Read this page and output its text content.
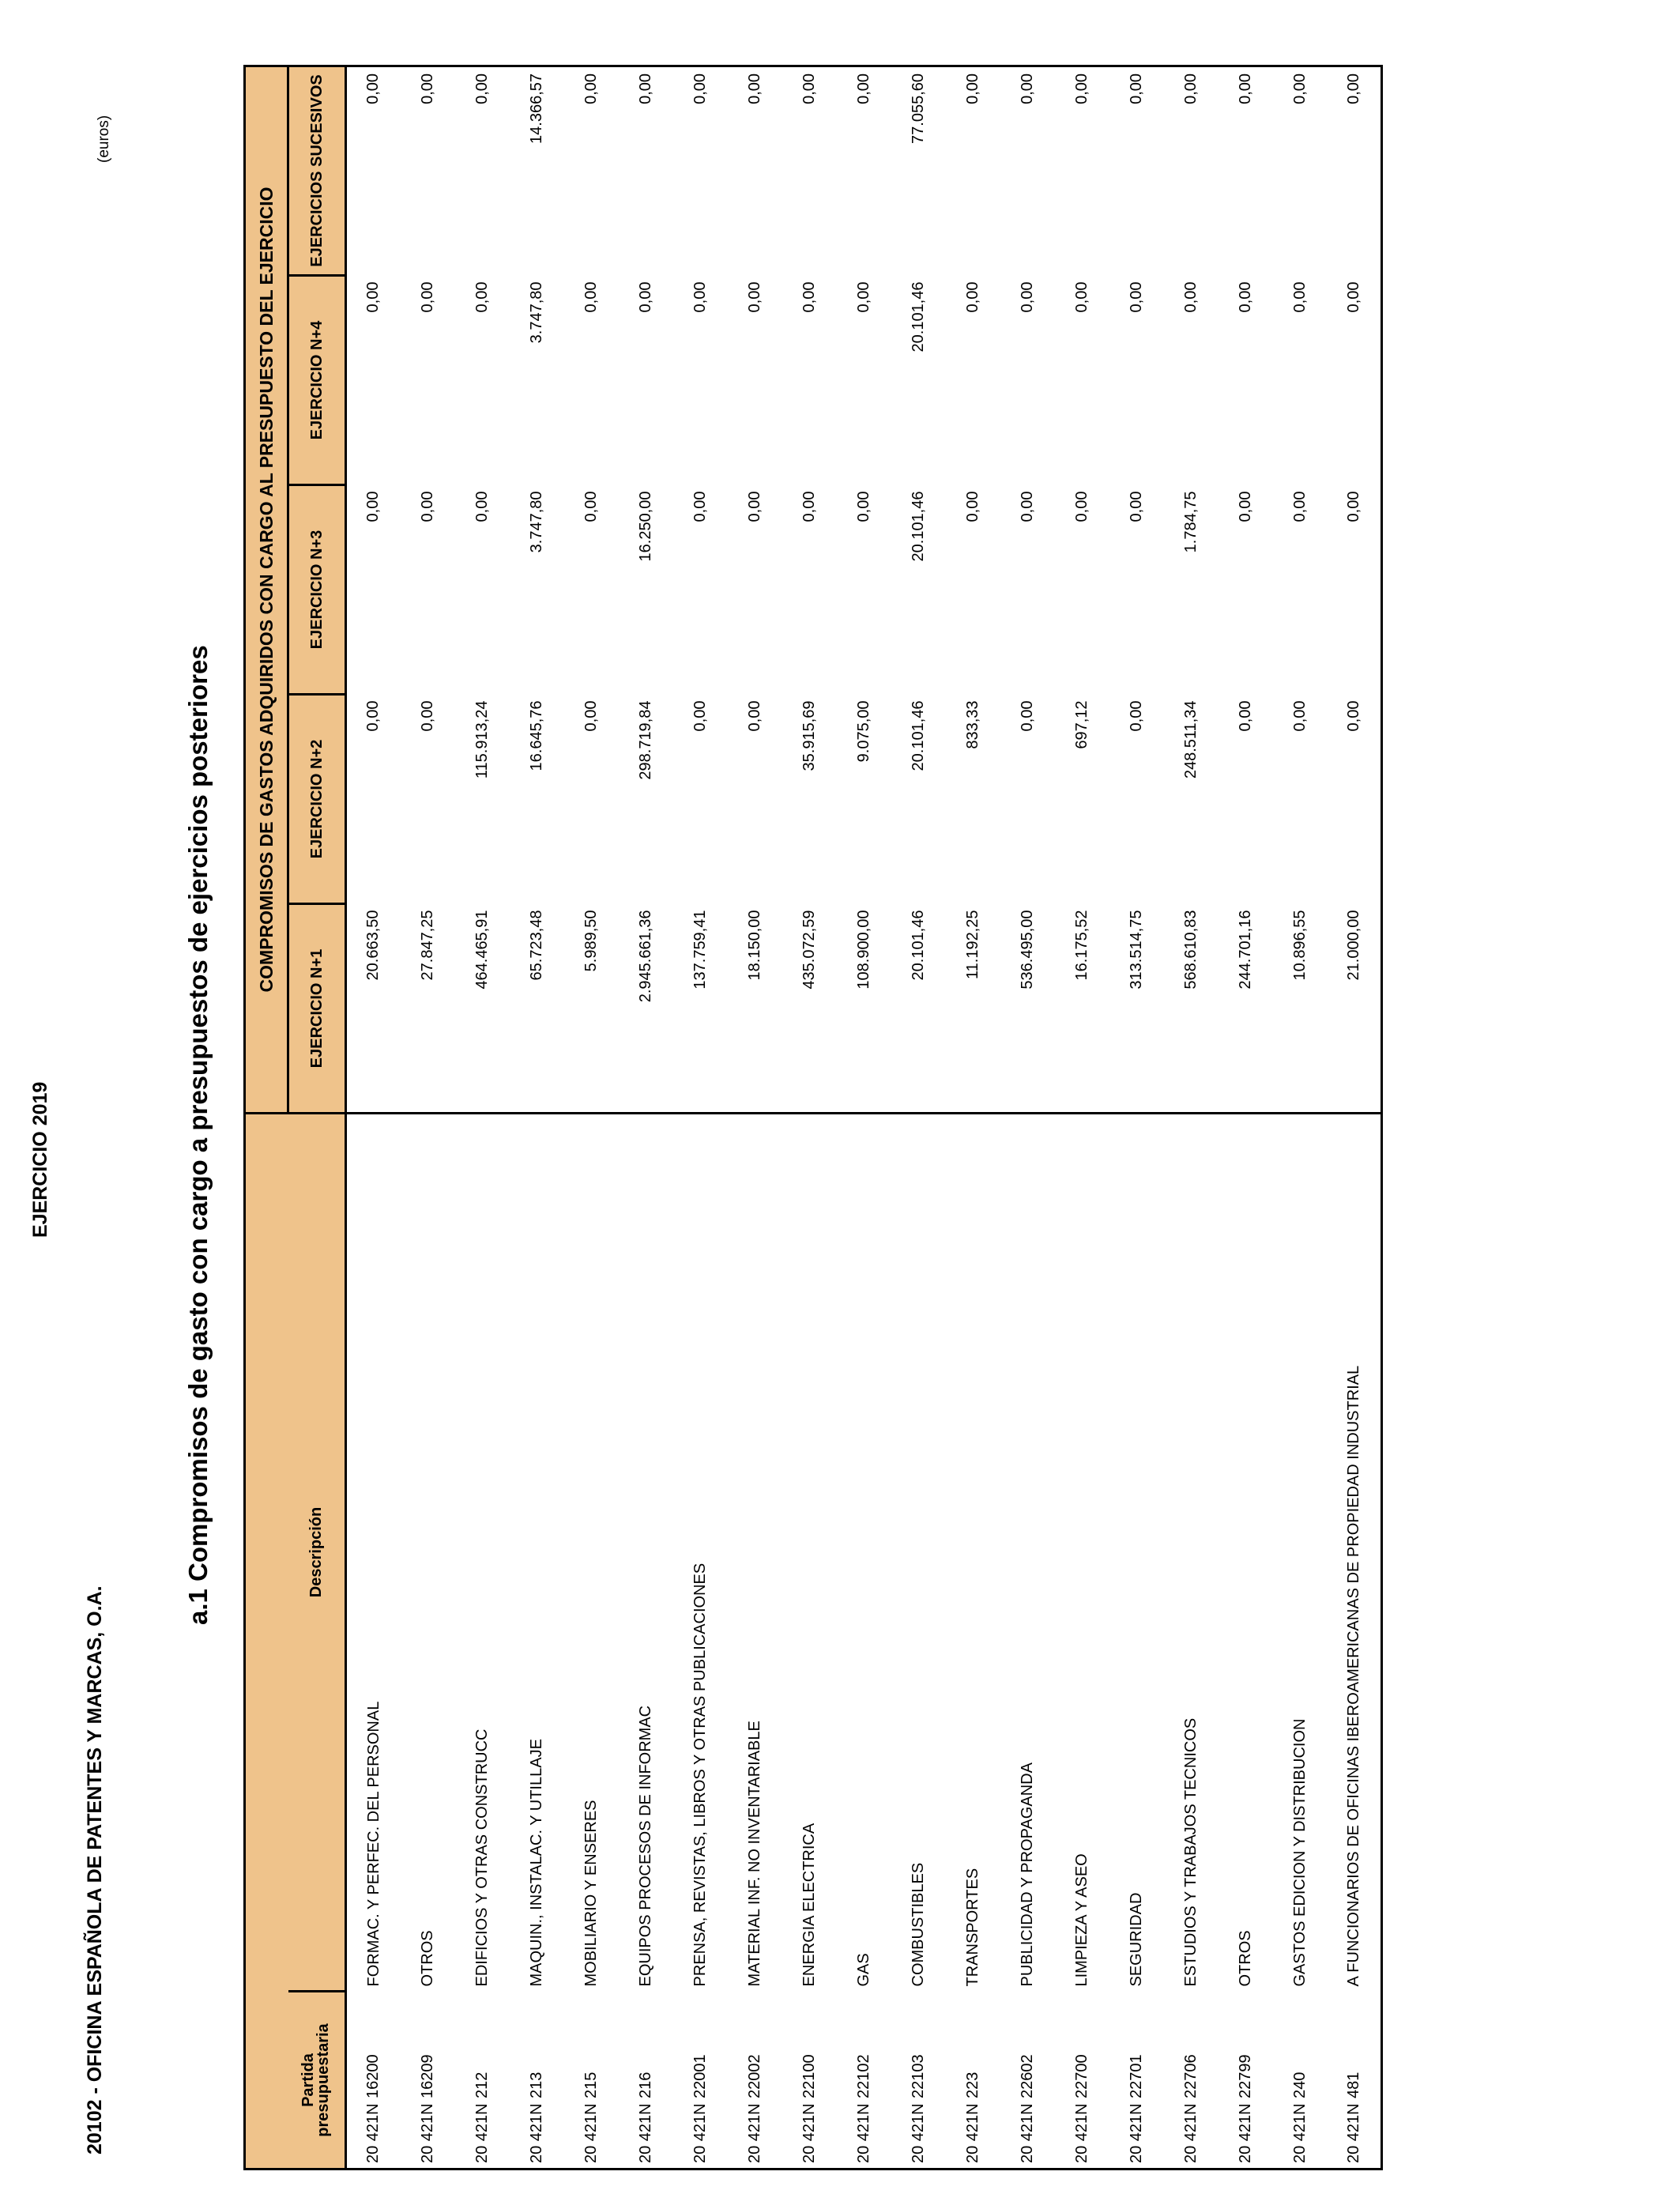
20102 - OFICINA ESPAÑOLA DE PATENTES Y MARCAS, O.A.
EJERCICIO 2019	a.1 Compromisos de gasto con cargo a presupuestos de ejercicios posteriores
(euros)
		COMPROMISOS DE GASTOS ADQUIRIDOS CON CARGO AL PRESUPUESTO DEL EJERCICIO				
Partida presupuestaria	Descripción	EJERCICIO N+1	EJERCICIO N+2	EJERCICIO N+3	EJERCICIO N+4	EJERCICIOS SUCESIVOS

20 421N
16200	FORMAC. Y PERFEC. DEL PERSONAL	20.663,50	0,00	0,00	0,00	0,00

20 421N
16209	OTROS	27.847,25	0,00	0,00	0,00	0,00

20 421N
212	EDIFICIOS Y OTRAS CONSTRUCC	464.465,91	115.913,24	0,00	0,00	0,00

20 421N
213	MAQUIN., INSTALAC. Y UTILLAJE	65.723,48	16.645,76	3.747,80	3.747,80	14.366,57

20 421N
215	MOBILIARIO Y ENSERES	5.989,50	0,00	0,00	0,00	0,00

20 421N
216	EQUIPOS PROCESOS DE INFORMAC	2.945.661,36	298.719,84	16.250,00	0,00	0,00

20 421N
22001	PRENSA, REVISTAS, LIBROS Y OTRAS PUBLICACIONES	137.759,41	0,00	0,00	0,00	0,00

20 421N
22002	MATERIAL INF. NO INVENTARIABLE	18.150,00	0,00	0,00	0,00	0,00

20 421N
22100	ENERGIA ELECTRICA	435.072,59	35.915,69	0,00	0,00	0,00

20 421N
22102	GAS	108.900,00	9.075,00	0,00	0,00	0,00

20 421N
22103	COMBUSTIBLES	20.101,46	20.101,46	20.101,46	20.101,46	77.055,60

20 421N
223	TRANSPORTES	11.192,25	833,33	0,00	0,00	0,00

20 421N
22602	PUBLICIDAD Y PROPAGANDA	536.495,00	0,00	0,00	0,00	0,00

20 421N
22700	LIMPIEZA Y ASEO	16.175,52	697,12	0,00	0,00	0,00

20 421N
22701	SEGURIDAD	313.514,75	0,00	0,00	0,00	0,00

20 421N
22706	ESTUDIOS Y TRABAJOS TECNICOS	568.610,83	248.511,34	1.784,75	0,00	0,00

20 421N
22799	OTROS	244.701,16	0,00	0,00	0,00	0,00

20 421N
240	GASTOS EDICION Y DISTRIBUCION	10.896,55	0,00	0,00	0,00	0,00

20 421N
481	A FUNCIONARIOS DE OFICINAS IBEROAMERICANAS DE PROPIEDAD INDUSTRIAL	21.000,00	0,00	0,00	0,00	0,00
